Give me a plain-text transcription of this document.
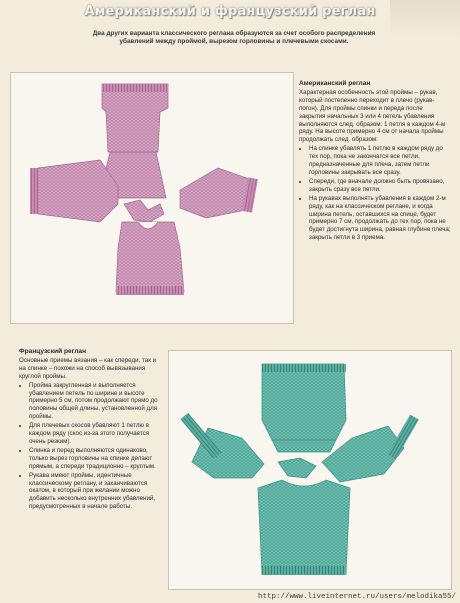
Американский и французский реглан
Два других варианта классического реглана образуются за счет особого распределения убавлений между проймой, вырезом горловины и плечевыми скосами.
Американский реглан

Характерная особенность этой проймы – рукав, который постепенно переходит в плечо (рукав-погон). Для проймы спинки и переда после закрытия начальных 3 или 4 петель убавления выполняются след. образом: 1 петля в каждом 4-м ряду. На высоте примерно 4 см от начала проймы продолжать след. образом:

• На спинке убавлять 1 петлю в каждом ряду до тех пор, пока не закончатся все петли, предназначенные для плеча, затем петли горловины закрывать все сразу.
• Спереди, где вначале должно быть провязано, закрыть сразу все петли.
• На рукавах выполнять убавления в каждом 2-м ряду, как на классическом реглане, и когда ширина петель, оставшихся на спице, будет примерно 7 см, продолжать до тех пор, пока не будет достигнута ширина, равная глубине плеча; закрыть петли в 3 приема.
Французский реглан

Основные приемы вязания – как спереди, так и на спинке – похожи на способ вывязывания круглой проймы.

• Пройма закругленная и выполняется убавлением петель по ширине и высоте примерно 5 см, потом продолжают прямо до половины общей длины, установленной для проймы.
• Для плечевых скосов убавляют 1 петлю в каждом ряду (скос из-за этого получается очень резким).
• Спинка и перед выполняются одинаково, только вырез горловины на спинке делают прямым, а спереди традиционно – круглым.
• Рукава имеют проймы, идентичные классическому реглану, и заканчиваются окатом, в который при желании можно добавить несколько внутренних убавлений, предусмотренных в начале работы.
http://www.liveinternet.ru/users/melodika55/
